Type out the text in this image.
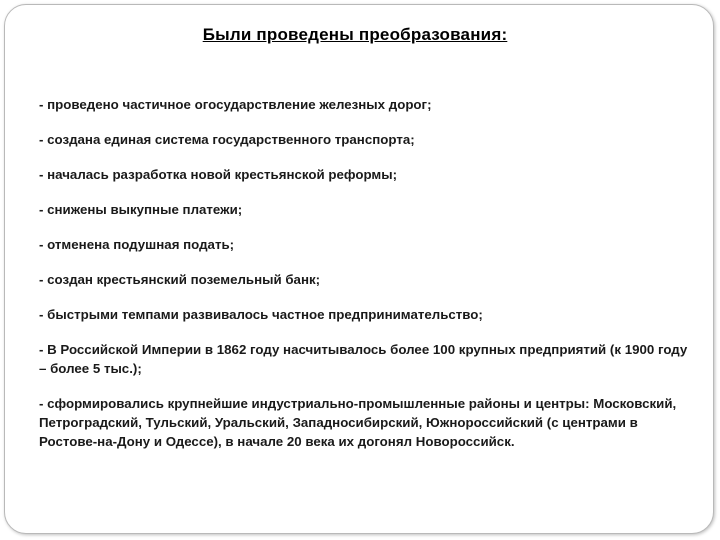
Были проведены преобразования:

- проведено частичное огосударствление железных дорог;

- создана единая система государственного транспорта;

- началась разработка новой крестьянской реформы;

- снижены выкупные платежи;

- отменена подушная подать;

- создан крестьянский поземельный банк;

- быстрыми темпами развивалось частное предпринимательство;

- В Российской Империи в 1862 году насчитывалось более 100 крупных предприятий (к 1900 году – более 5 тыс.);

- сформировались крупнейшие индустриально-промышленные районы и центры: Московский, Петроградский, Тульский, Уральский, Западносибирский, Южнороссийский (с центрами в Ростове-на-Дону и Одессе), в начале 20 века их догонял Новороссийск.
